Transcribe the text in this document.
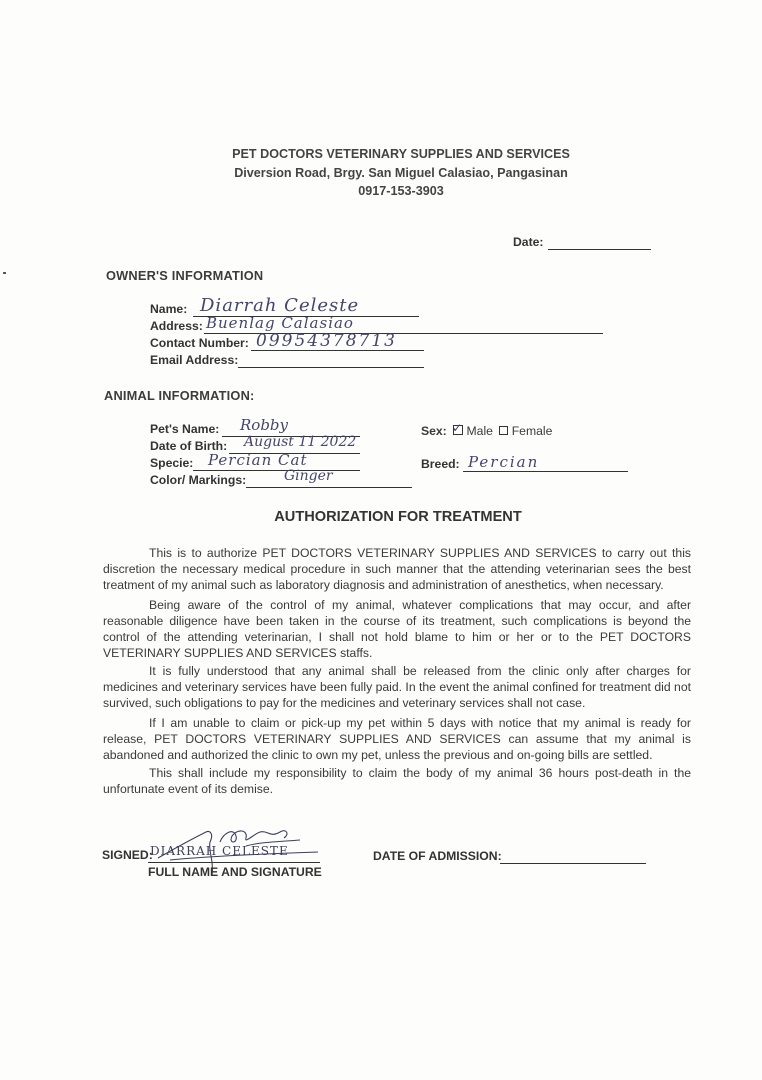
PET DOCTORS VETERINARY SUPPLIES AND SERVICES
Diversion Road, Brgy. San Miguel Calasiao, Pangasinan
0917-153-3903
Date:
OWNER'S INFORMATION
Name: Diarrah Celeste
Address: Buenlag Calasiao
Contact Number: 09954378713
Email Address:
ANIMAL INFORMATION:
Pet's Name: Robby
Date of Birth: August 11 2022
Specie: Percian Cat
Color/ Markings:	Ginger
Sex: ✓ Male Female
Breed: Percian
AUTHORIZATION FOR TREATMENT
This is to authorize PET DOCTORS VETERINARY SUPPLIES AND SERVICES to carry out this discretion the necessary medical procedure in such manner that the attending veterinarian sees the best treatment of my animal such as laboratory diagnosis and administration of anesthetics, when necessary.
Being aware of the control of my animal, whatever complications that may occur, and after reasonable diligence have been taken in the course of its treatment, such complications is beyond the control of the attending veterinarian, I shall not hold blame to him or her or to the PET DOCTORS VETERINARY SUPPLIES AND SERVICES staffs.
It is fully understood that any animal shall be released from the clinic only after charges for medicines and veterinary services have been fully paid. In the event the animal confined for treatment did not survived, such obligations to pay for the medicines and veterinary services shall not case.
If I am unable to claim or pick-up my pet within 5 days with notice that my animal is ready for release, PET DOCTORS VETERINARY SUPPLIES AND SERVICES can assume that my animal is abandoned and authorized the clinic to own my pet, unless the previous and on-going bills are settled.
This shall include my responsibility to claim the body of my animal 36 hours post-death in the unfortunate event of its demise.
SIGNED:
DIARRAH CELESTE
FULL NAME AND SIGNATURE
DATE OF ADMISSION:
